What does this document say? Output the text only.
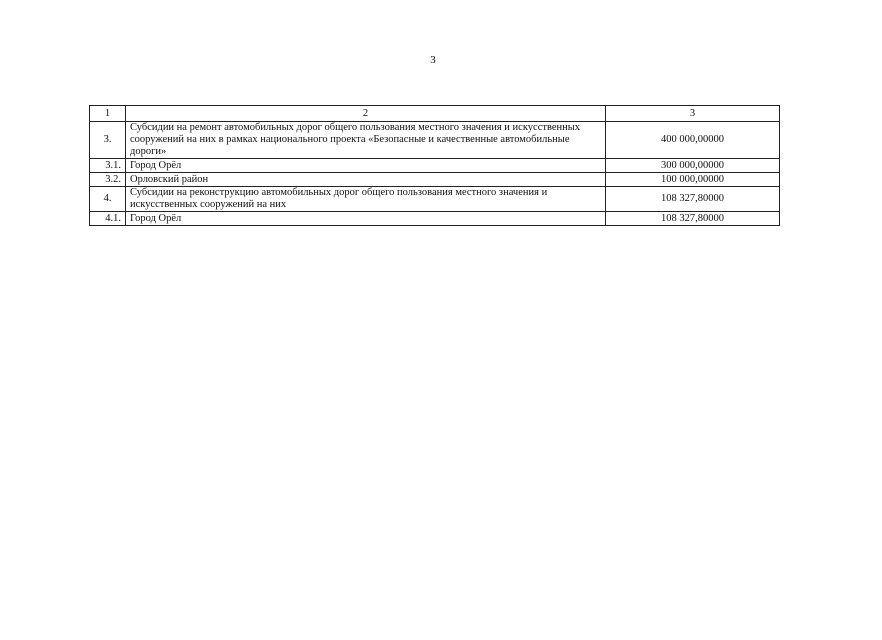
3
1	2	3
3.	Субсидии на ремонт автомобильных дорог общего пользования местного значения и искусственных сооружений на них в рамках национального проекта «Безопасные и качественные автомобильные дороги»	400 000,00000
3.1.	Город Орёл	300 000,00000
3.2.	Орловский район	100 000,00000
4.	Субсидии на реконструкцию автомобильных дорог общего пользования местного значения и искусственных сооружений на них	108 327,80000
4.1.	Город Орёл	108 327,80000
